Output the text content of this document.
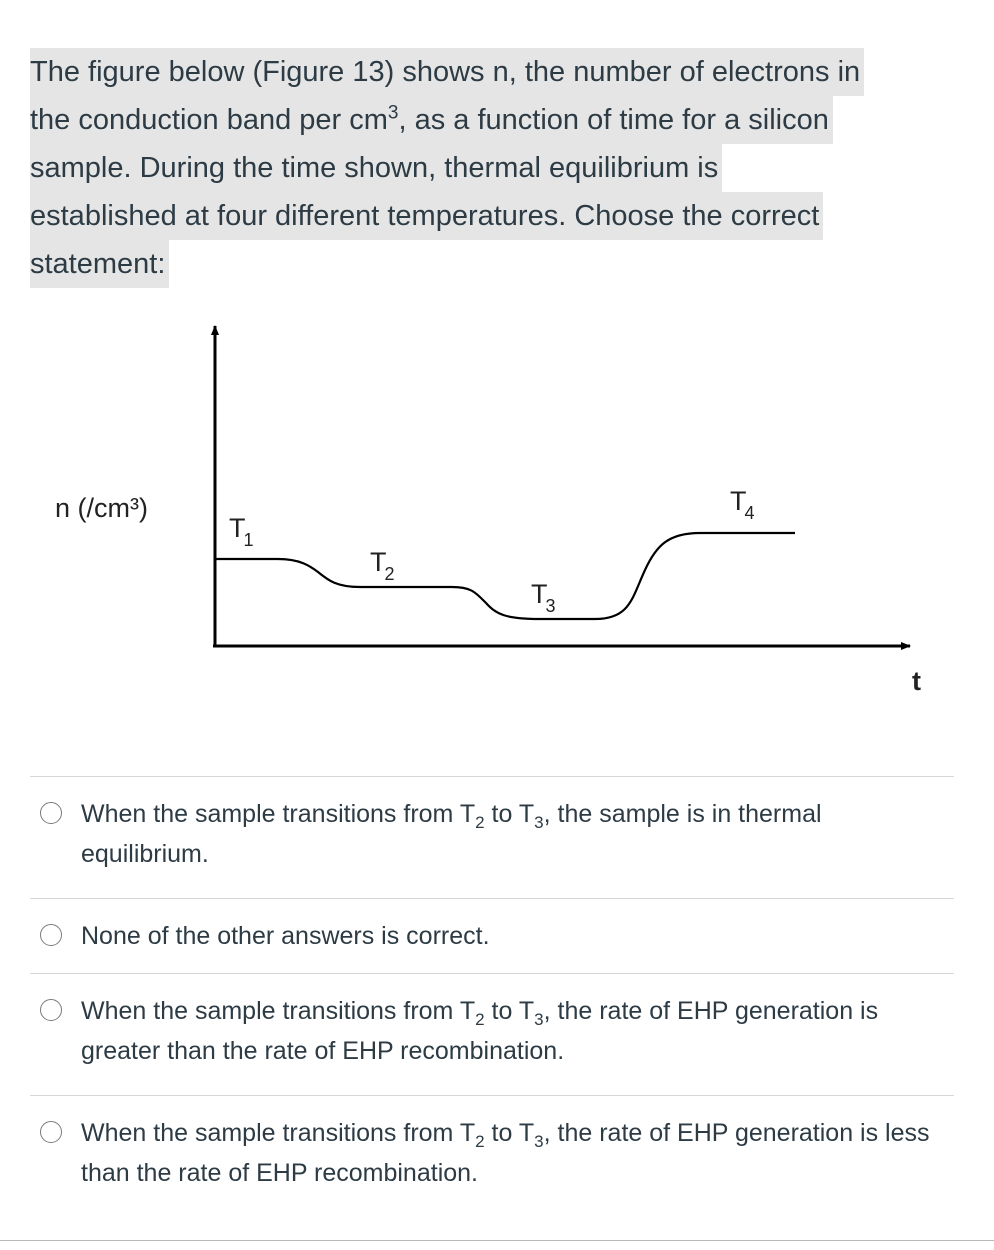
The figure below (Figure 13) shows n, the number of electrons in
the conduction band per $cm^3$, as a function of time for a silicon
sample. During the time shown, thermal equilibrium is
established at four different temperatures. Choose the correct
statement:
n (/cm³)
t
T1
T2
T3
T4
When the sample transitions from $T_2$ to $T_3$, the sample is in thermal equilibrium.
None of the other answers is correct.
When the sample transitions from $T_2$ to $T_3$, the rate of EHP generation is greater than the rate of EHP recombination.
When the sample transitions from $T_2$ to $T_3$, the rate of EHP generation is less than the rate of EHP recombination.
